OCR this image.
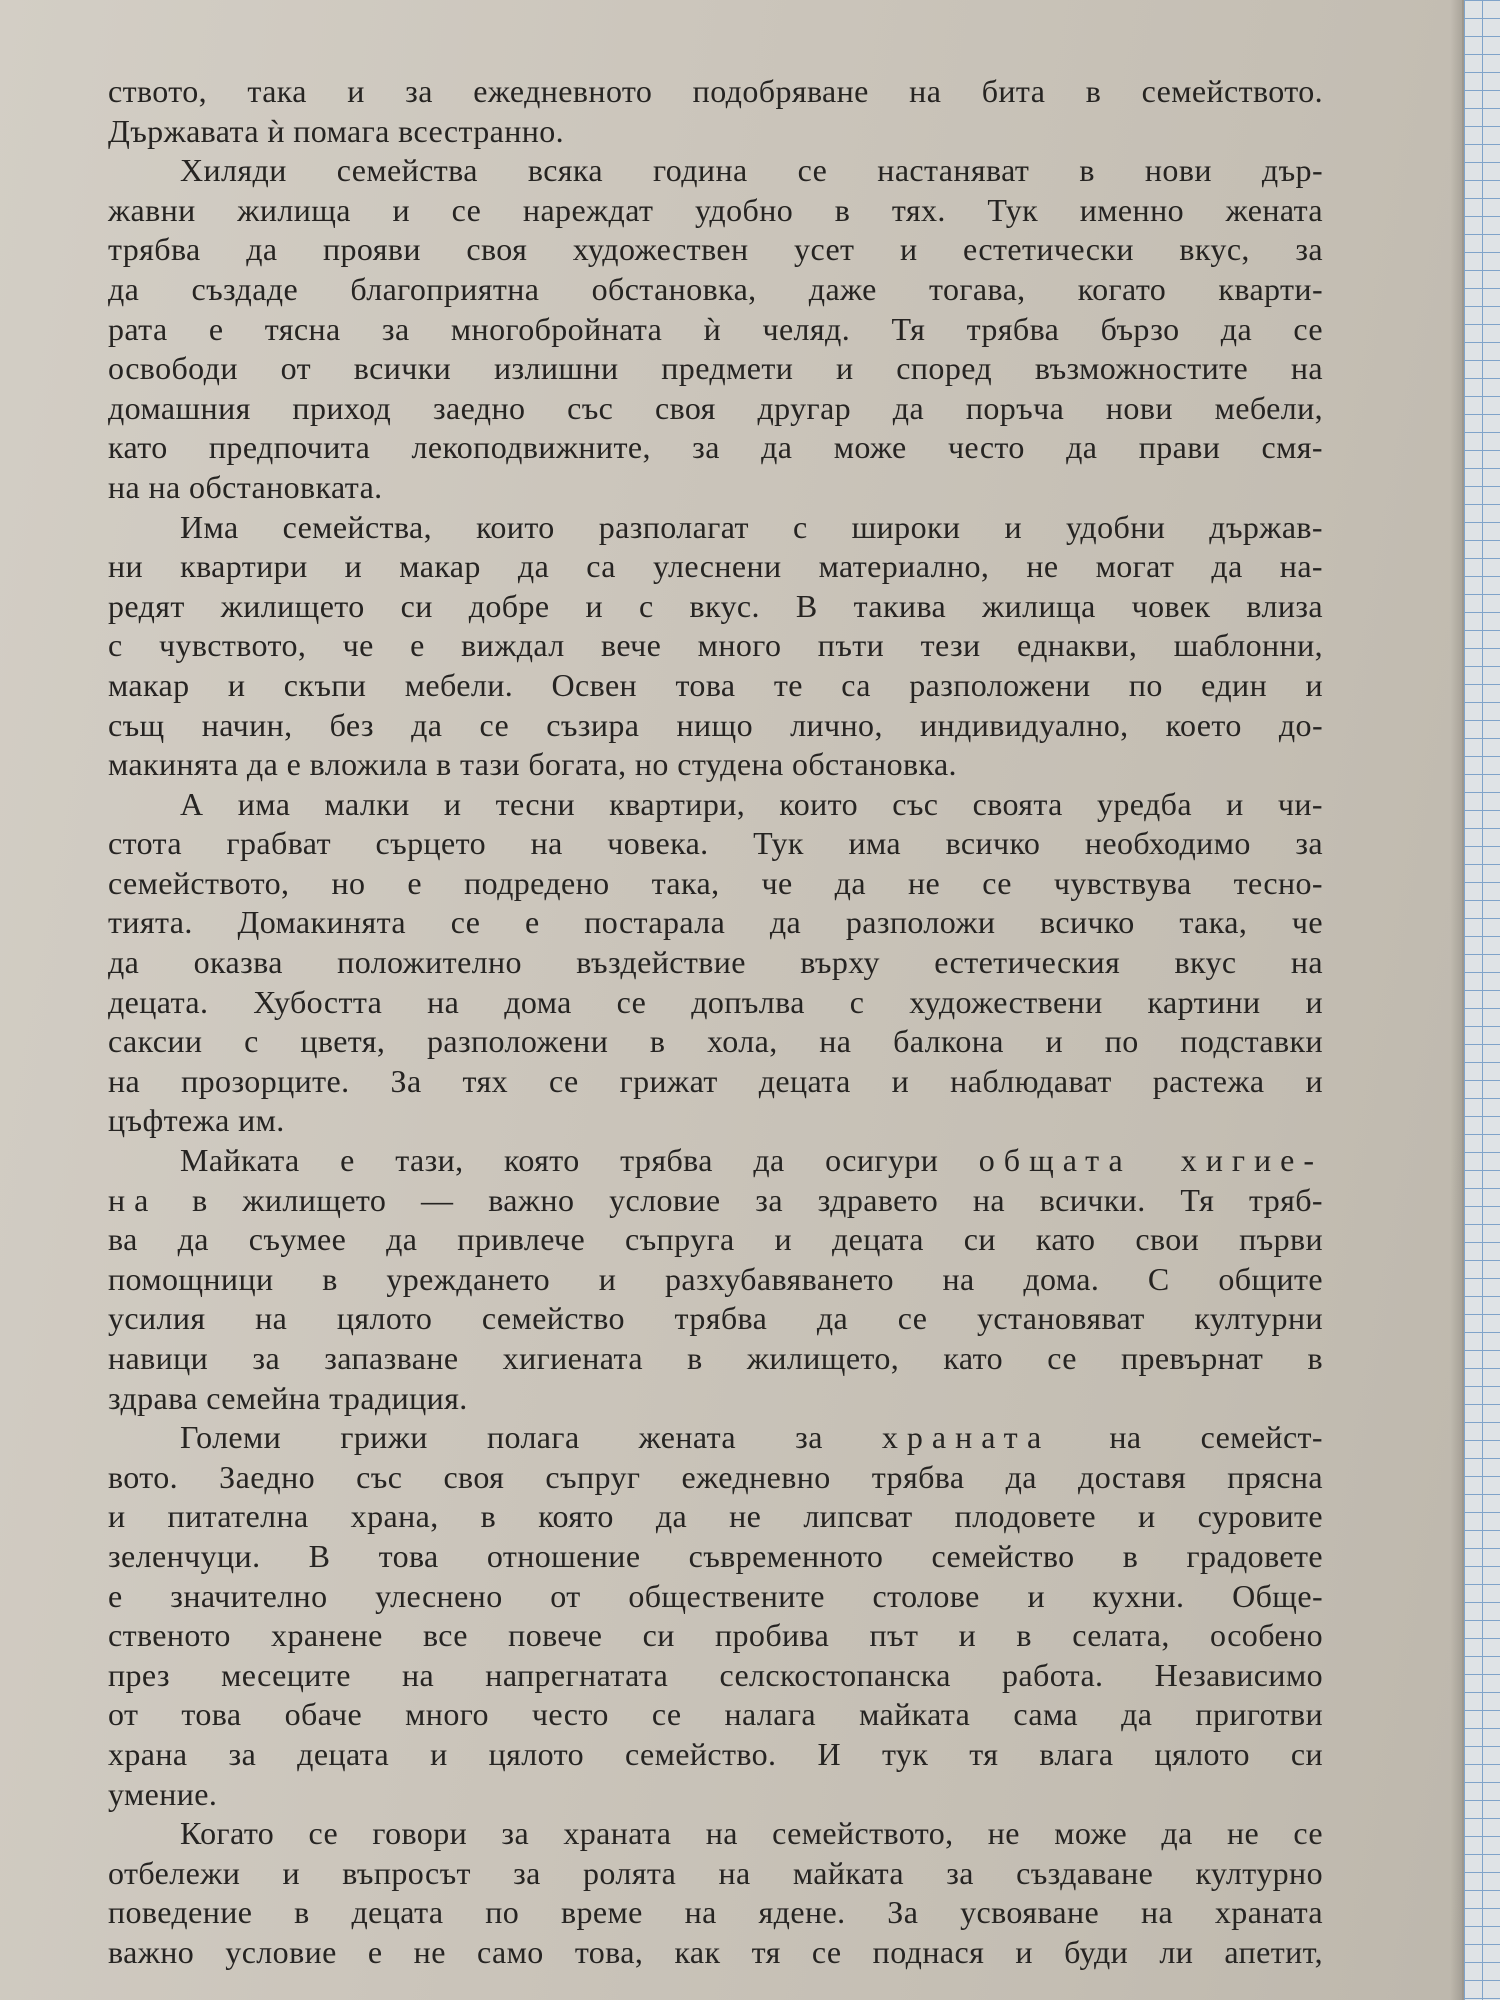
ството, така и за ежедневното подобряване на бита в семейството.
Държавата ѝ помага всестранно.
Хиляди семейства всяка година се настаняват в нови дър-
жавни жилища и се нареждат удобно в тях. Тук именно жената
трябва да прояви своя художествен усет и естетически вкус, за
да създаде благоприятна обстановка, даже тогава, когато кварти-
рата е тясна за многобройната ѝ челяд. Тя трябва бързо да се
освободи от всички излишни предмети и според възможностите на
домашния приход заедно със своя другар да поръча нови мебели,
като предпочита лекоподвижните, за да може често да прави смя-
на на обстановката.
Има семейства, които разполагат с широки и удобни държав-
ни квартири и макар да са улеснени материално, не могат да на-
редят жилището си добре и с вкус. В такива жилища човек влиза
с чувството, че е виждал вече много пъти тези еднакви, шаблонни,
макар и скъпи мебели. Освен това те са разположени по един и
същ начин, без да се съзира нищо лично, индивидуално, което до-
макинята да е вложила в тази богата, но студена обстановка.
А има малки и тесни квартири, които със своята уредба и чи-
стота грабват сърцето на човека. Тук има всичко необходимо за
семейството, но е подредено така, че да не се чувствува тесно-
тията. Домакинята се е постарала да разположи всичко така, че
да оказва положително въздействие върху естетическия вкус на
децата. Хубостта на дома се допълва с художествени картини и
саксии с цветя, разположени в хола, на балкона и по подставки
на прозорците. За тях се грижат децата и наблюдават растежа и
цъфтежа им.
Майката е тази, която трябва да осигури общата хигие-
на в жилището — важно условие за здравето на всички. Тя тряб-
ва да съумее да привлече съпруга и децата си като свои първи
помощници в уреждането и разхубавяването на дома. С общите
усилия на цялото семейство трябва да се установяват културни
навици за запазване хигиената в жилището, като се превърнат в
здрава семейна традиция.
Големи грижи полага жената за храната на семейст-
вото. Заедно със своя съпруг ежедневно трябва да доставя прясна
и питателна храна, в която да не липсват плодовете и суровите
зеленчуци. В това отношение съвременното семейство в градовете
е значително улеснено от обществените столове и кухни. Обще-
ственото хранене все повече си пробива път и в селата, особено
през месеците на напрегнатата селскостопанска работа. Независимо
от това обаче много често се налага майката сама да приготви
храна за децата и цялото семейство. И тук тя влага цялото си
умение.
Когато се говори за храната на семейството, не може да не се
отбележи и въпросът за ролята на майката за създаване културно
поведение в децата по време на ядене. За усвояване на храната
важно условие е не само това, как тя се поднася и буди ли апетит,
